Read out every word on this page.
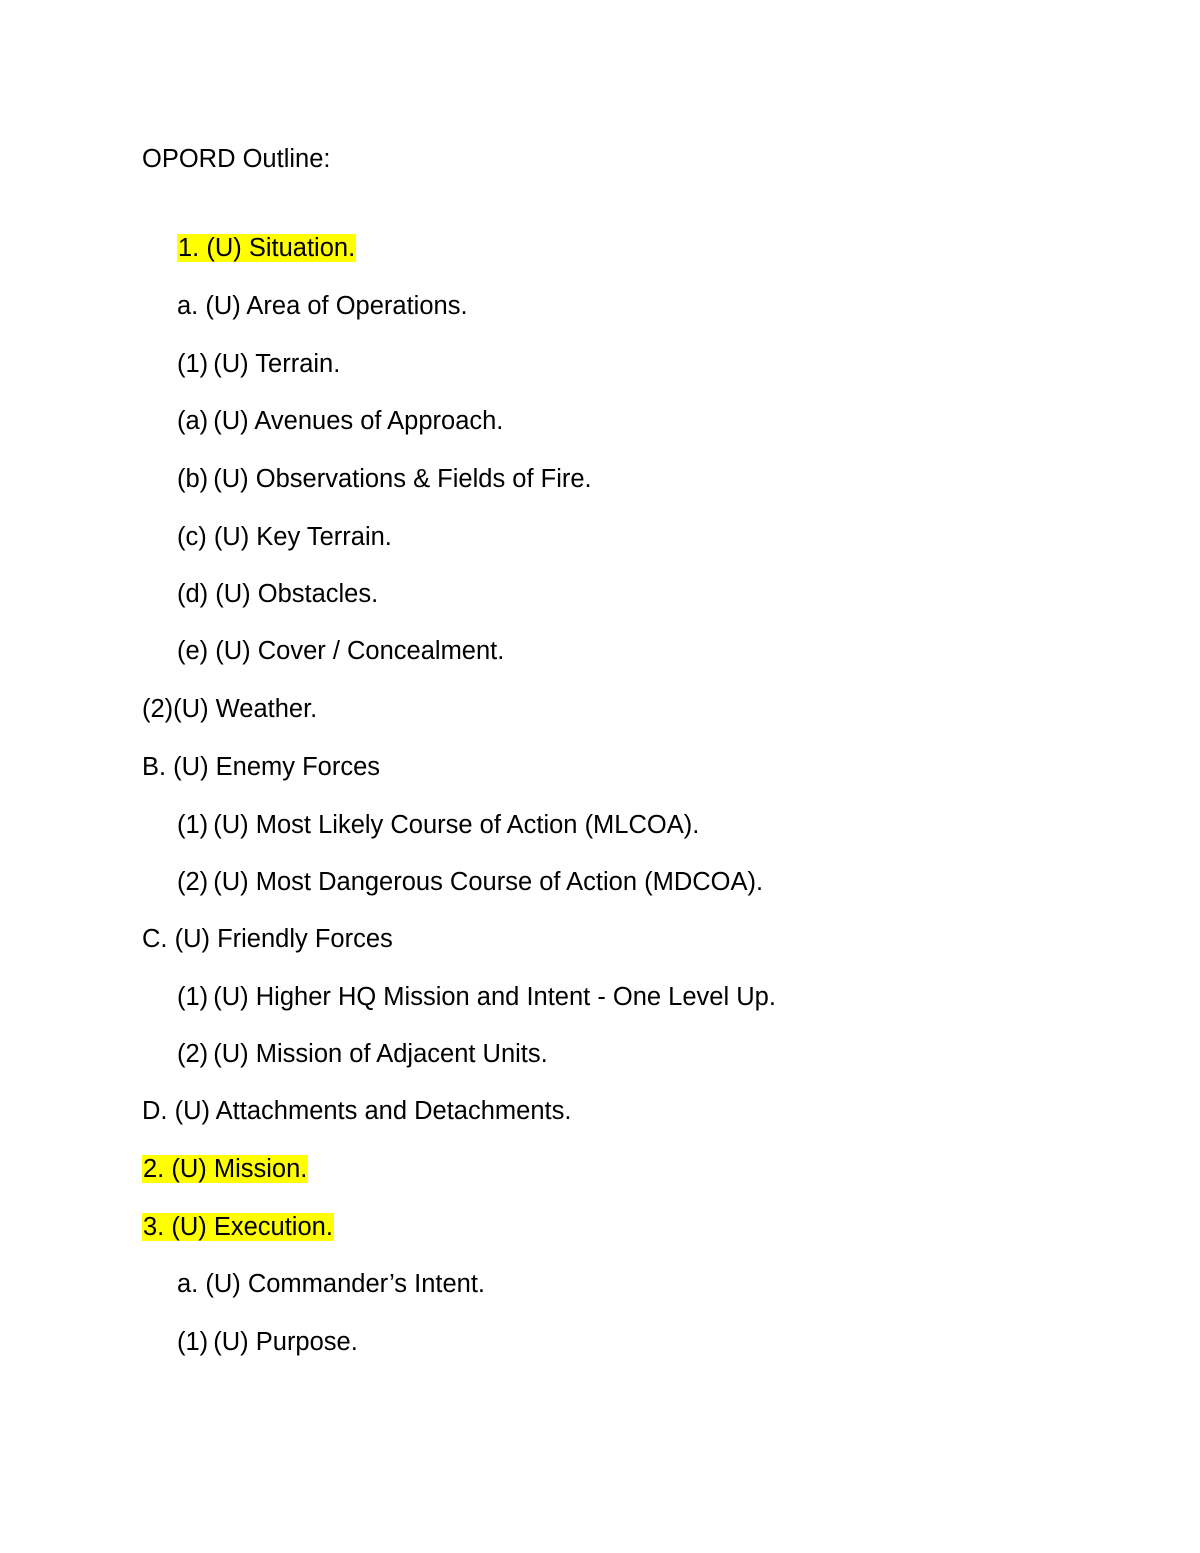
OPORD Outline:
1. (U) Situation.
a. (U) Area of Operations.
(1) (U) Terrain.
(a) (U) Avenues of Approach.
(b) (U) Observations & Fields of Fire.
(c) (U) Key Terrain.
(d) (U) Obstacles.
(e) (U) Cover / Concealment.
(2)(U) Weather.
B. (U) Enemy Forces
(1) (U) Most Likely Course of Action (MLCOA).
(2) (U) Most Dangerous Course of Action (MDCOA).
C. (U) Friendly Forces
(1) (U) Higher HQ Mission and Intent - One Level Up.
(2) (U) Mission of Adjacent Units.
D. (U) Attachments and Detachments.
2. (U) Mission.
3. (U) Execution.
a. (U) Commander’s Intent.
(1) (U) Purpose.
